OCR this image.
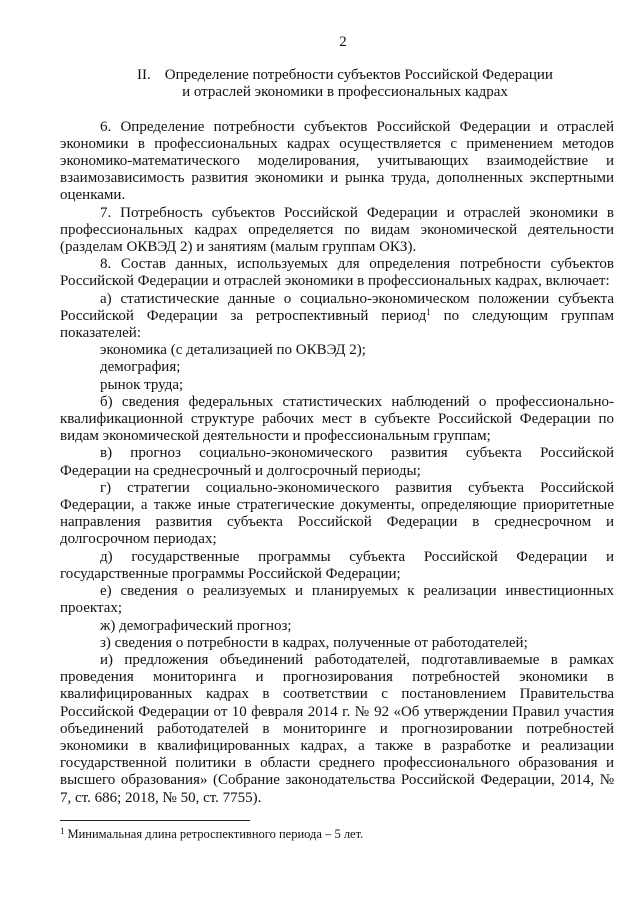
2
II. Определение потребности субъектов Российской Федерации
и отраслей экономики в профессиональных кадрах

6. Определение потребности субъектов Российской Федерации и отраслей экономики в профессиональных кадрах осуществляется с применением методов экономико-математического моделирования, учитывающих взаимодействие и взаимозависимость развития экономики и рынка труда, дополненных экспертными оценками.

7. Потребность субъектов Российской Федерации и отраслей экономики в профессиональных кадрах определяется по видам экономической деятельности (разделам ОКВЭД 2) и занятиям (малым группам ОКЗ).

8. Состав данных, используемых для определения потребности субъектов Российской Федерации и отраслей экономики в профессиональных кадрах, включает:

а) статистические данные о социально-экономическом положении субъекта Российской Федерации за ретроспективный период$^1$ по следующим группам показателей:

экономика (с детализацией по ОКВЭД 2);

демография;

рынок труда;

б) сведения федеральных статистических наблюдений о профессионально-квалификационной структуре рабочих мест в субъекте Российской Федерации по видам экономической деятельности и профессиональным группам;

в) прогноз социально-экономического развития субъекта Российской Федерации на среднесрочный и долгосрочный периоды;

г) стратегии социально-экономического развития субъекта Российской Федерации, а также иные стратегические документы, определяющие приоритетные направления развития субъекта Российской Федерации в среднесрочном и долгосрочном периодах;

д) государственные программы субъекта Российской Федерации и государственные программы Российской Федерации;

е) сведения о реализуемых и планируемых к реализации инвестиционных проектах;

ж) демографический прогноз;

з) сведения о потребности в кадрах, полученные от работодателей;

и) предложения объединений работодателей, подготавливаемые в рамках проведения мониторинга и прогнозирования потребностей экономики в квалифицированных кадрах в соответствии с постановлением Правительства Российской Федерации от 10 февраля 2014 г. № 92 «Об утверждении Правил участия объединений работодателей в мониторинге и прогнозировании потребностей экономики в квалифицированных кадрах, а также в разработке и реализации государственной политики в области среднего профессионального образования и высшего образования» (Собрание законодательства Российской Федерации, 2014, № 7, ст. 686; 2018, № 50, ст. 7755).

$^1$ Минимальная длина ретроспективного периода – 5 лет.
